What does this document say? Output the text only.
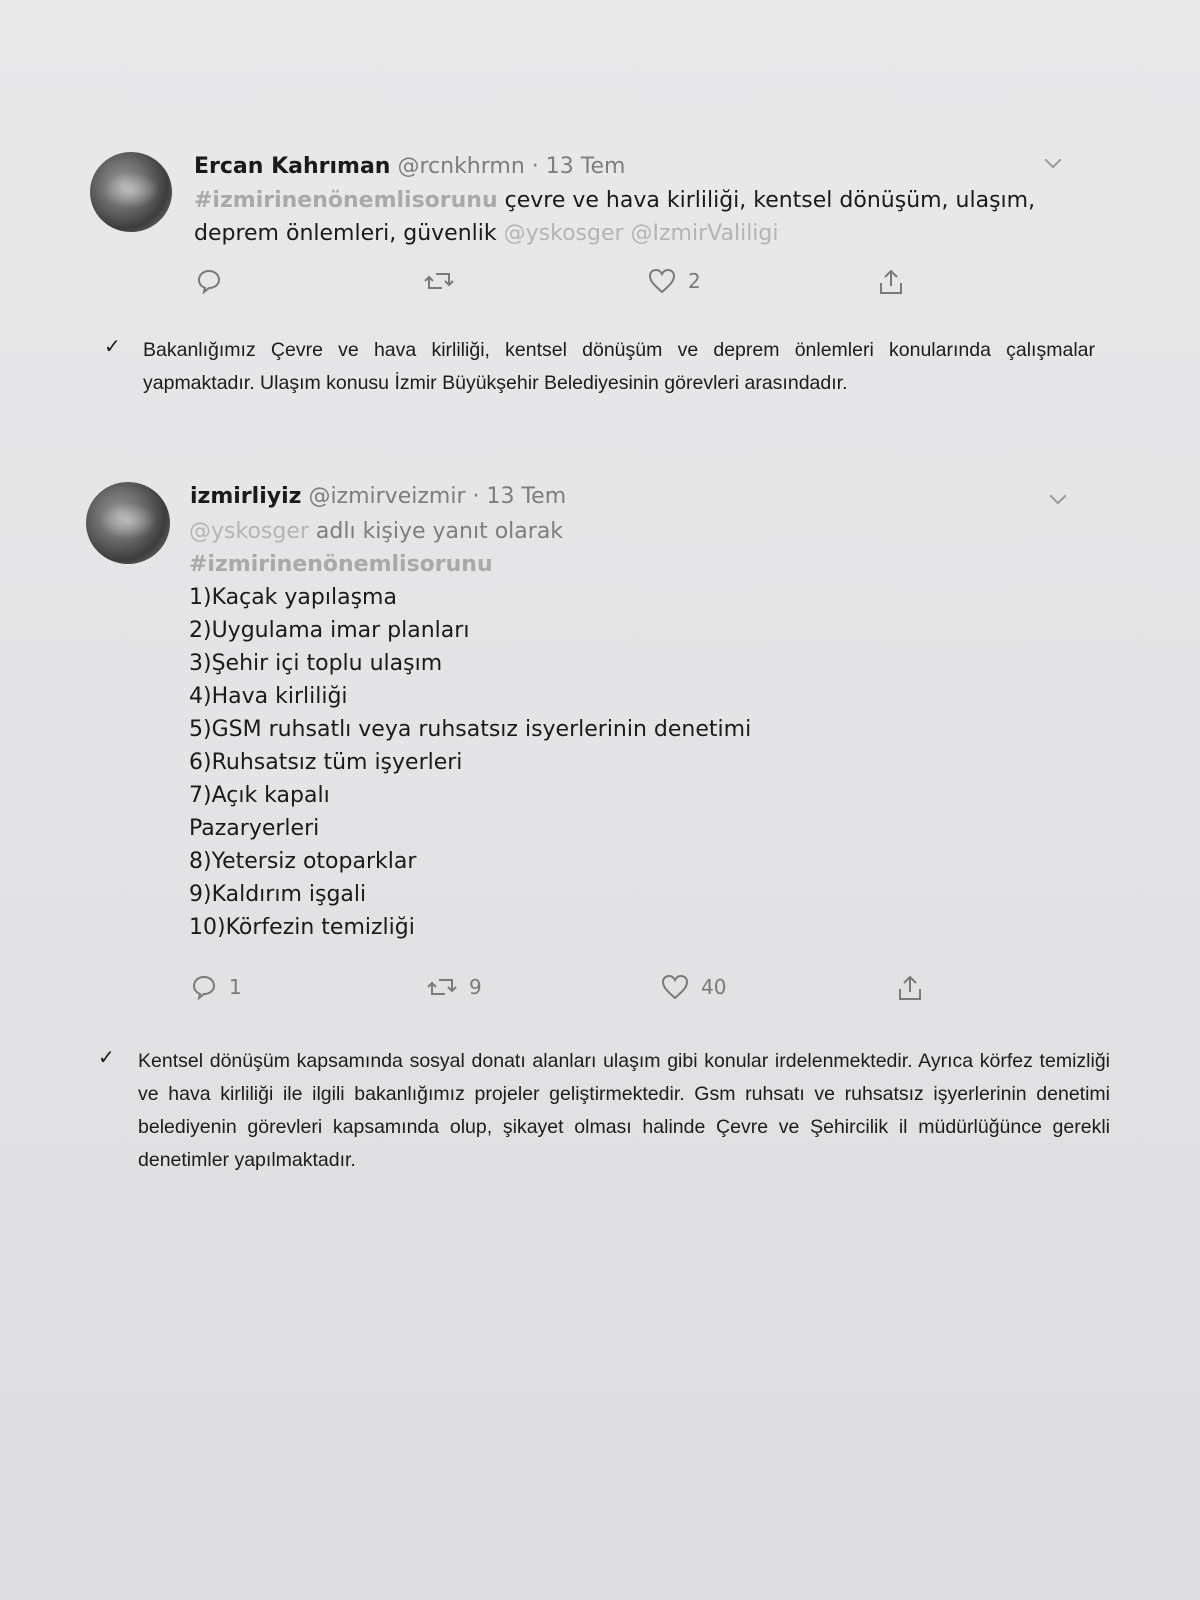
Ercan Kahrıman @rcnkhrmn · 13 Tem
#izmirinenönemlisorunu çevre ve hava kirliliği, kentsel dönüşüm, ulaşım,
deprem önlemleri, güvenlik @yskosger @IzmirValiligi
2
✓ Bakanlığımız Çevre ve hava kirliliği, kentsel dönüşüm ve deprem önlemleri konularında çalışmalar yapmaktadır. Ulaşım konusu İzmir Büyükşehir Belediyesinin görevleri arasındadır.
izmirliyiz @izmirveizmir · 13 Tem
@yskosger adlı kişiye yanıt olarak
#izmirinenönemlisorunu
1)Kaçak yapılaşma
2)Uygulama imar planları
3)Şehir içi toplu ulaşım
4)Hava kirliliği
5)GSM ruhsatlı veya ruhsatsız isyerlerinin denetimi
6)Ruhsatsız tüm işyerleri
7)Açık kapalı
Pazaryerleri
8)Yetersiz otoparklar
9)Kaldırım işgali
10)Körfezin temizliği
1	9	40
✓ Kentsel dönüşüm kapsamında sosyal donatı alanları ulaşım gibi konular irdelenmektedir. Ayrıca körfez temizliği ve hava kirliliği ile ilgili bakanlığımız projeler geliştirmektedir. Gsm ruhsatı ve ruhsatsız işyerlerinin denetimi belediyenin görevleri kapsamında olup, şikayet olması halinde Çevre ve Şehircilik il müdürlüğünce gerekli denetimler yapılmaktadır.
